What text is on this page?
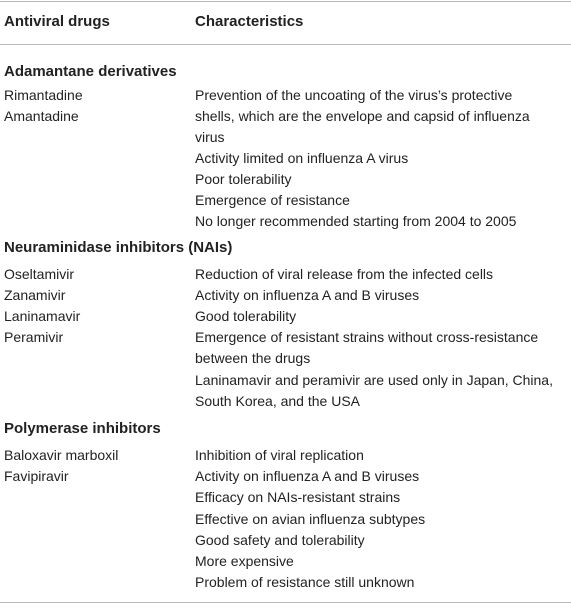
Antiviral drugs	Characteristics
Adamantane derivatives
Rimantadine
Amantadine
Prevention of the uncoating of the virus’s protective
shells, which are the envelope and capsid of influenza
virus
Activity limited on influenza A virus
Poor tolerability
Emergence of resistance
No longer recommended starting from 2004 to 2005
Neuraminidase inhibitors (NAIs)
Oseltamivir
Zanamivir
Laninamavir
Peramivir
Reduction of viral release from the infected cells
Activity on influenza A and B viruses
Good tolerability
Emergence of resistant strains without cross-resistance
between the drugs
Laninamavir and peramivir are used only in Japan, China,
South Korea, and the USA
Polymerase inhibitors
Baloxavir marboxil
Favipiravir
Inhibition of viral replication
Activity on influenza A and B viruses
Efficacy on NAIs-resistant strains
Effective on avian influenza subtypes
Good safety and tolerability
More expensive
Problem of resistance still unknown
